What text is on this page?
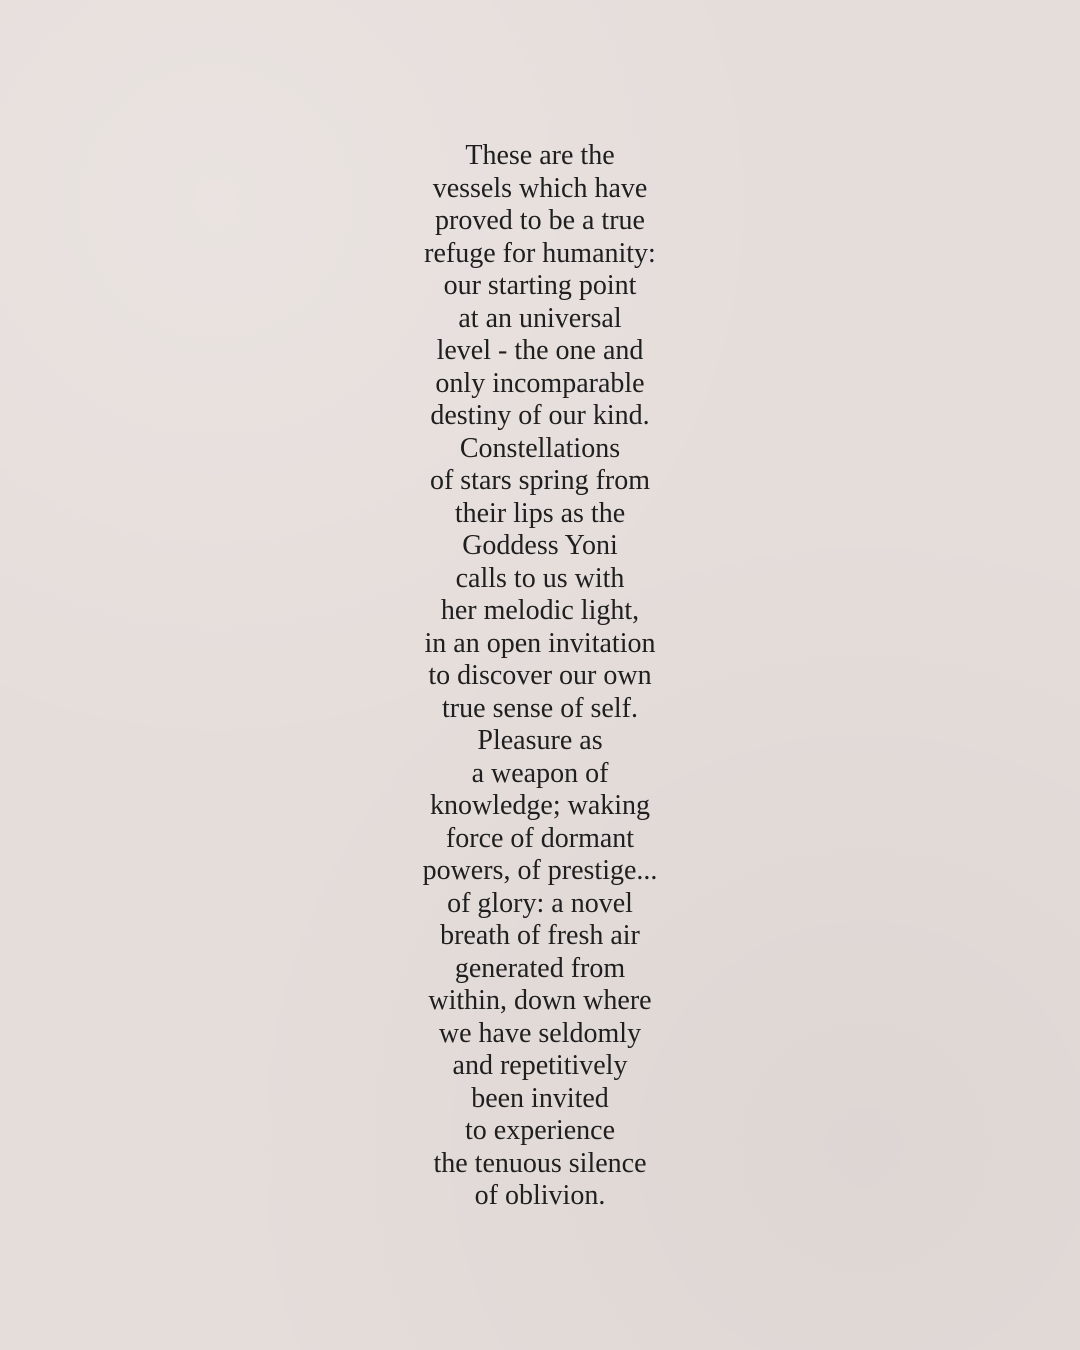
These are the
vessels which have
proved to be a true
refuge for humanity:
our starting point
at an universal
level - the one and
only incomparable
destiny of our kind.
Constellations
of stars spring from
their lips as the
Goddess Yoni
calls to us with
her melodic light,
in an open invitation
to discover our own
true sense of self.
Pleasure as
a weapon of
knowledge; waking
force of dormant
powers, of prestige...
of glory: a novel
breath of fresh air
generated from
within, down where
we have seldomly
and repetitively
been invited
to experience
the tenuous silence
of oblivion.
